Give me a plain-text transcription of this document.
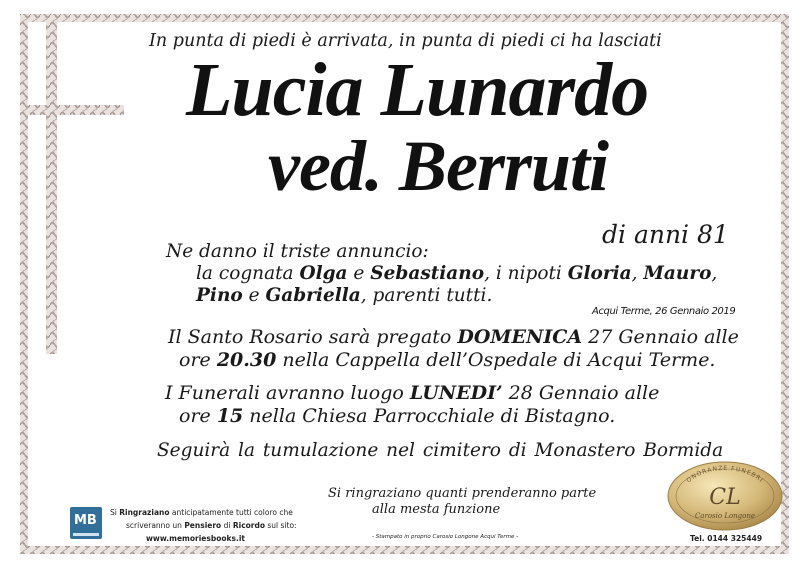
In punta di piedi è arrivata, in punta di piedi ci ha lasciati
Lucia Lunardo
ved. Berruti
di anni 81
Ne danno il triste annuncio:
la cognata Olga e Sebastiano, i nipoti Gloria, Mauro,
Pino e Gabriella, parenti tutti.
Acqui Terme, 26 Gennaio 2019
Il Santo Rosario sarà pregato DOMENICA 27 Gennaio alle
ore 20.30 nella Cappella dell’Ospedale di Acqui Terme.
I Funerali avranno luogo LUNEDI’ 28 Gennaio alle
ore 15 nella Chiesa Parrocchiale di Bistagno.
Seguirà la tumulazione nel cimitero di Monastero Bormida
Si ringraziano quanti prenderanno parte
alla mesta funzione
MB
Si Ringraziano anticipatamente tutti coloro che
scriveranno un Pensiero di Ricordo sul sito:
www.memoriesbooks.it	- Stampato in proprio Carosio Longone Acqui Terme -
ONORANZE FUNEBRI
CL
Carosio Longone
Tel. 0144 325449
